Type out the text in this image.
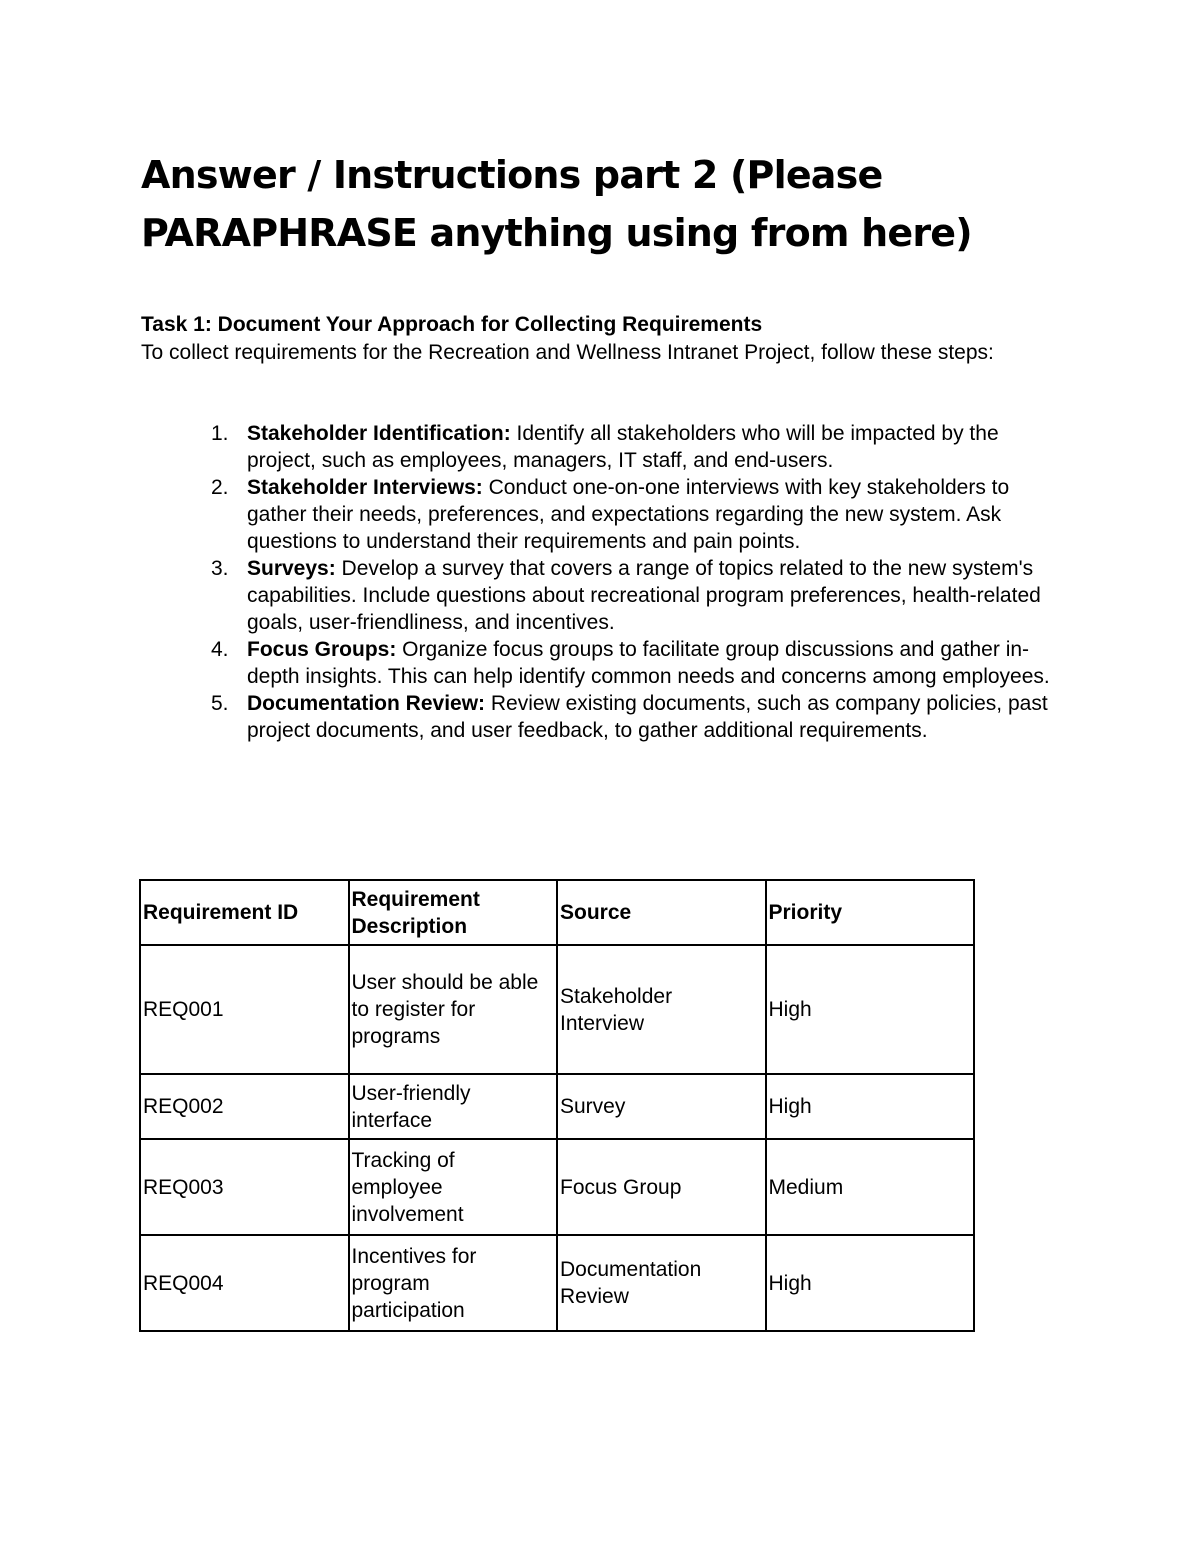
Answer / Instructions part 2 (Please PARAPHRASE anything using from here)

Task 1: Document Your Approach for Collecting Requirements

To collect requirements for the Recreation and Wellness Intranet Project, follow these steps:

1. Stakeholder Identification: Identify all stakeholders who will be impacted by the project, such as employees, managers, IT staff, and end-users.
2. Stakeholder Interviews: Conduct one-on-one interviews with key stakeholders to gather their needs, preferences, and expectations regarding the new system. Ask questions to understand their requirements and pain points.
3. Surveys: Develop a survey that covers a range of topics related to the new system's capabilities. Include questions about recreational program preferences, health-related goals, user-friendliness, and incentives.
4. Focus Groups: Organize focus groups to facilitate group discussions and gather in-depth insights. This can help identify common needs and concerns among employees.
5. Documentation Review: Review existing documents, such as company policies, past project documents, and user feedback, to gather additional requirements.
Requirement ID	Requirement Description	Source	Priority
REQ001	User should be able to register for programs	Stakeholder Interview	High
REQ002	User-friendly interface	Survey	High
REQ003	Tracking of employee involvement	Focus Group	Medium
REQ004	Incentives for program participation	Documentation Review	High
